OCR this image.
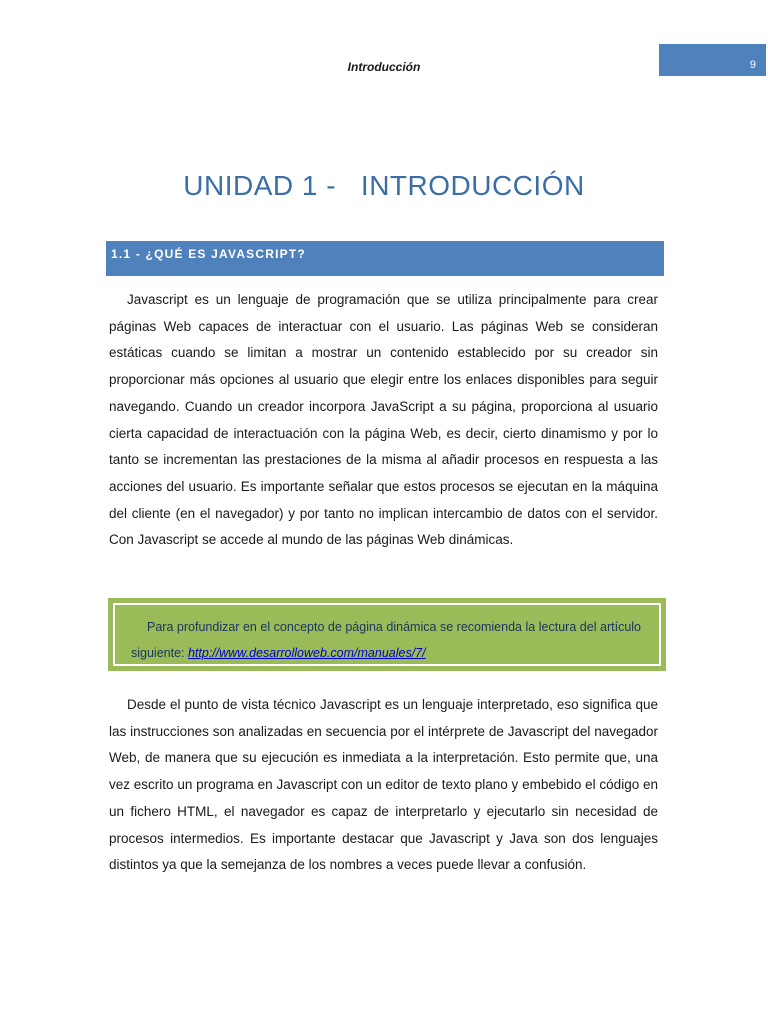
Introducción	9
UNIDAD 1 -   INTRODUCCIÓN
1.1 - ¿QUÉ ES JAVASCRIPT?

Javascript es un lenguaje de programación que se utiliza principalmente para crear páginas Web capaces de interactuar con el usuario. Las páginas Web se consideran estáticas cuando se limitan a mostrar un contenido establecido por su creador sin proporcionar más opciones al usuario que elegir entre los enlaces disponibles para seguir navegando. Cuando un creador incorpora JavaScript a su página, proporciona al usuario cierta capacidad de interactuación con la página Web, es decir, cierto dinamismo y por lo tanto se incrementan las prestaciones de la misma al añadir procesos en respuesta a las acciones del usuario. Es importante señalar que estos procesos se ejecutan en la máquina del cliente (en el navegador) y por tanto no implican intercambio de datos con el servidor. Con Javascript se accede al mundo de las páginas Web dinámicas.

Para profundizar en el concepto de página dinámica se recomienda la lectura del artículo siguiente: http://www.desarrolloweb.com/manuales/7/

Desde el punto de vista técnico Javascript es un lenguaje interpretado, eso significa que las instrucciones son analizadas en secuencia por el intérprete de Javascript del navegador Web, de manera que su ejecución es inmediata a la interpretación. Esto permite que, una vez escrito un programa en Javascript con un editor de texto plano y embebido el código en un fichero HTML, el navegador es capaz de interpretarlo y ejecutarlo sin necesidad de procesos intermedios. Es importante destacar que Javascript y Java son dos lenguajes distintos ya que la semejanza de los nombres a veces puede llevar a confusión.
